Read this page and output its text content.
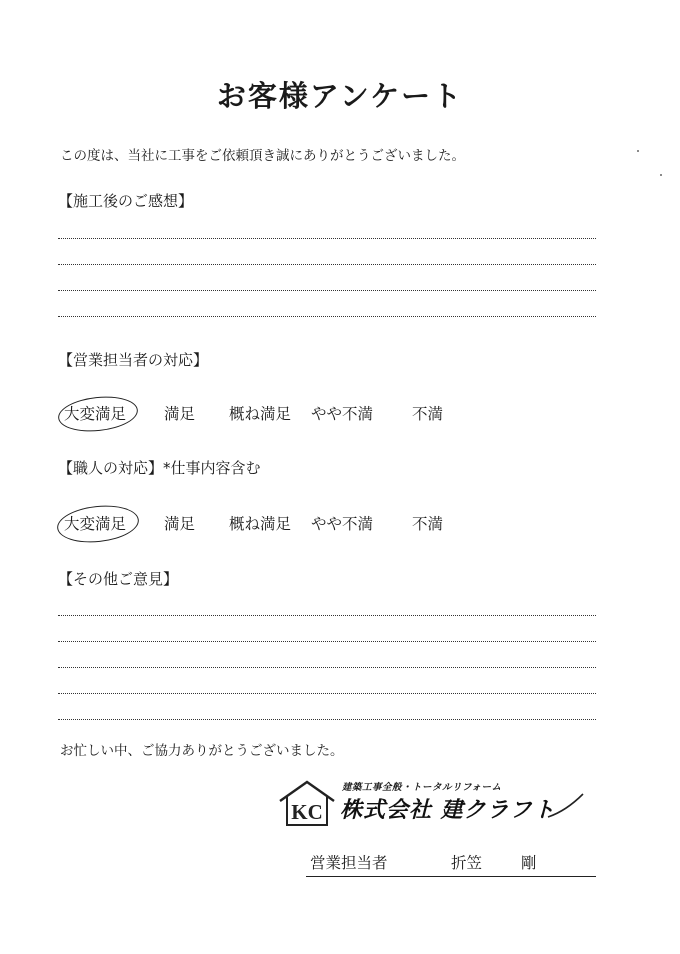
お客様アンケート
この度は、当社に工事をご依頼頂き誠にありがとうございました。
【施工後のご感想】
【営業担当者の対応】
大変満足 満足 概ね満足 やや不満	不満
【職人の対応】*仕事内容含む
大変満足 満足 概ね満足 やや不満	不満
【その他ご意見】
お忙しい中、ご協力ありがとうございました。
KC
建築工事全般・トータルリフォーム
株式会社 建クラフト
営業担当者	折笠	剛
